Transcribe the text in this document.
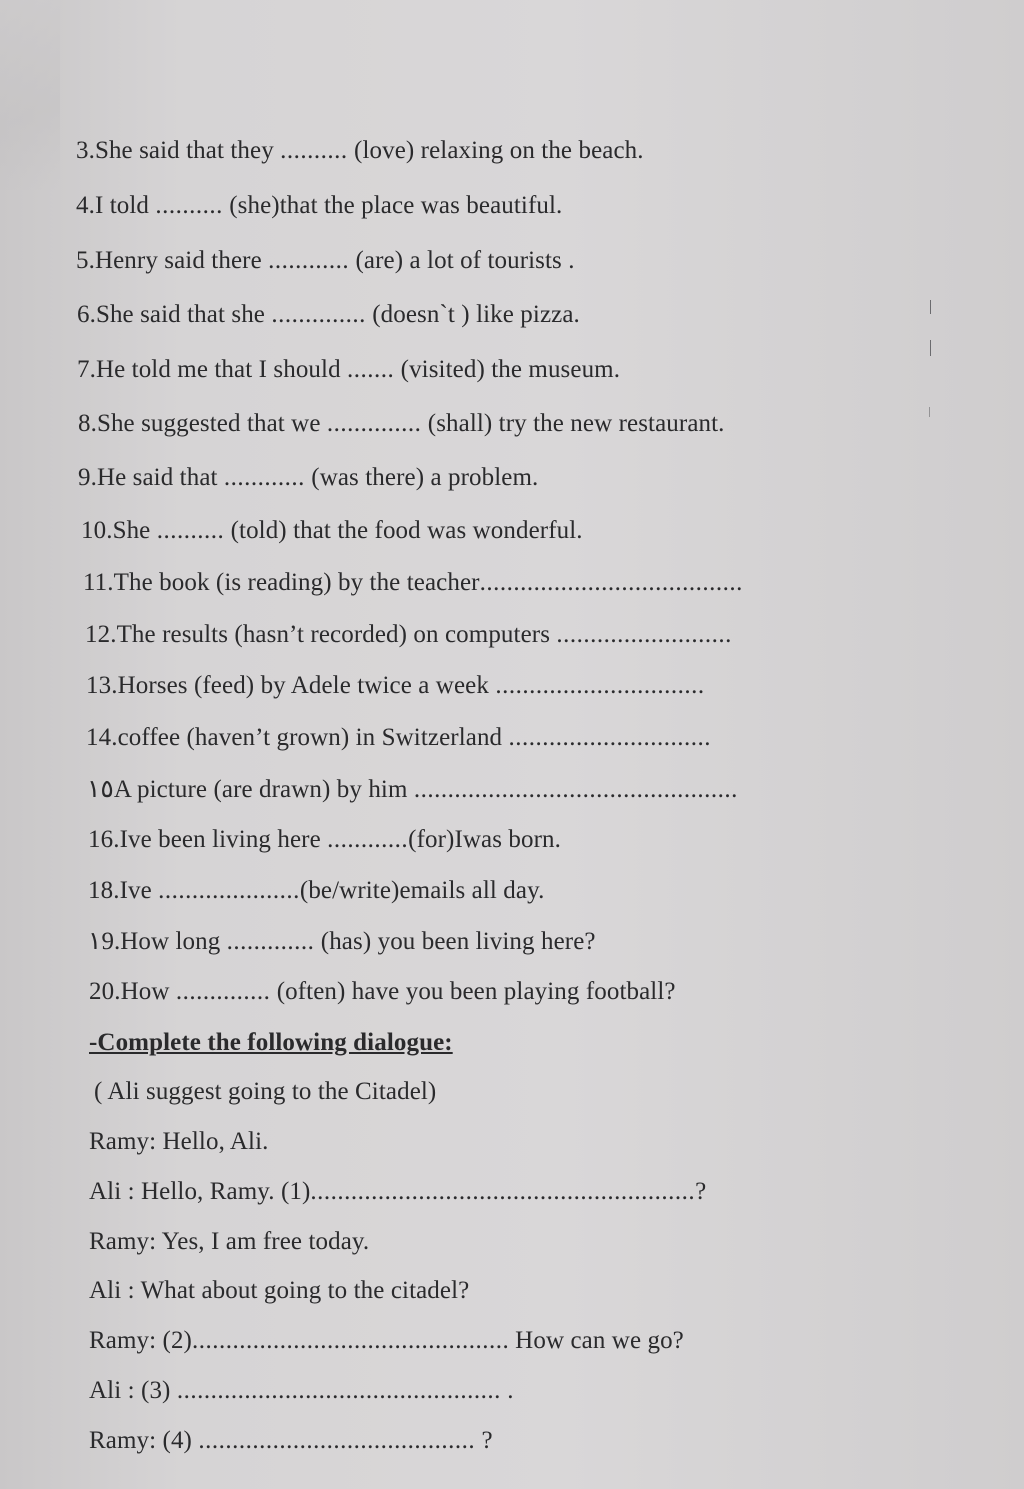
3.She said that they .......... (love) relaxing on the beach.
4.I told .......... (she)that the place was beautiful.
5.Henry said there ............ (are) a lot of tourists .
6.She said that she .............. (doesn`t ) like pizza.
7.He told me that I should ....... (visited) the museum.
8.She suggested that we .............. (shall) try the new restaurant.
9.He said that ............ (was there) a problem.
10.She .......... (told) that the food was wonderful.
11.The book (is reading) by the teacher.......................................
12.The results (hasn’t recorded) on computers ..........................
13.Horses (feed) by Adele twice a week ...............................
14.coffee (haven’t grown) in Switzerland ..............................
١٥A picture (are drawn) by him ................................................
16.Ive been living here ............(for)Iwas born.
18.Ive .....................(be/write)emails all day.
١9.How long ............. (has) you been living here?
20.How .............. (often) have you been playing football?
-Complete the following dialogue:
( Ali suggest going to the Citadel)
Ramy: Hello, Ali.
Ali : Hello, Ramy. (1).........................................................?
Ramy: Yes, I am free today.
Ali : What about going to the citadel?
Ramy: (2)............................................... How can we go?
Ali : (3) ................................................ .
Ramy: (4) ......................................... ?
